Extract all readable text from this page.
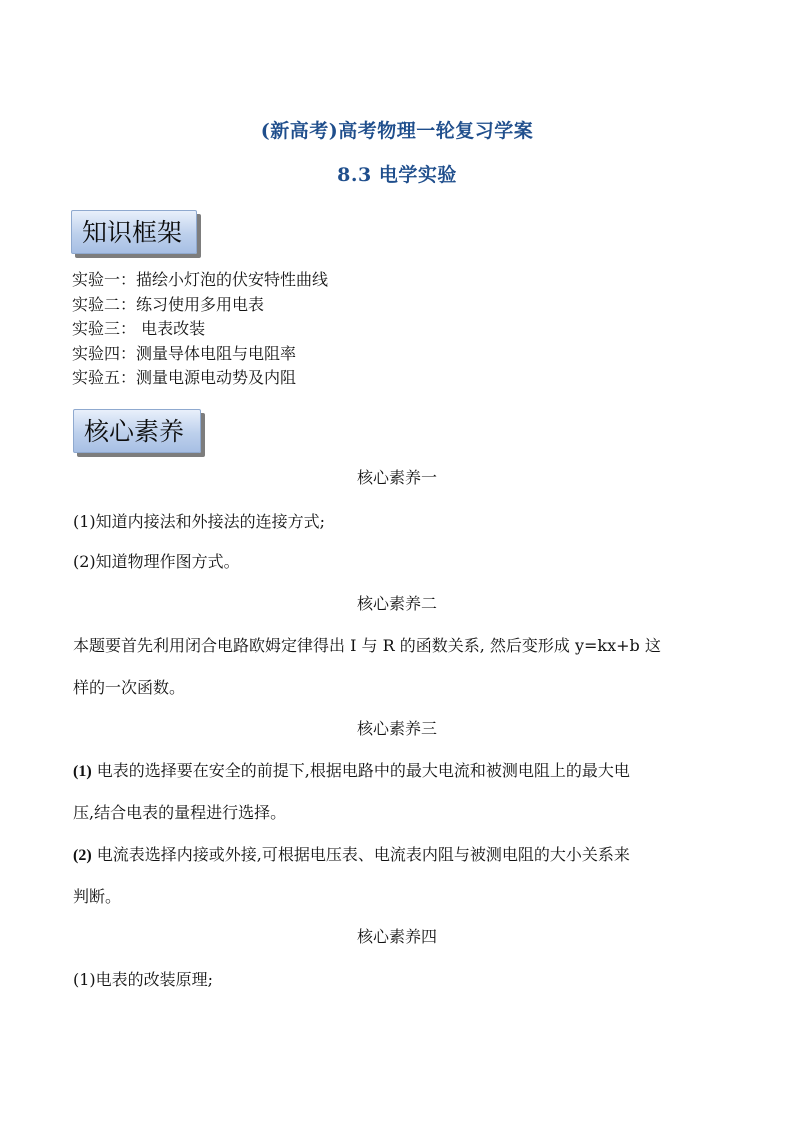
(新高考)高考物理一轮复习学案
8.3 电学实验
知识框架
实验一：描绘小灯泡的伏安特性曲线
实验二：练习使用多用电表
实验三： 电表改装
实验四：测量导体电阻与电阻率
实验五：测量电源电动势及内阻
核心素养
核心素养一
(1)知道内接法和外接法的连接方式;
(2)知道物理作图方式。
核心素养二
本题要首先利用闭合电路欧姆定律得出 I 与 R 的函数关系, 然后变形成 y=kx+b 这
样的一次函数。
核心素养三
(1) 电表的选择要在安全的前提下,根据电路中的最大电流和被测电阻上的最大电
压,结合电表的量程进行选择。
(2) 电流表选择内接或外接,可根据电压表、电流表内阻与被测电阻的大小关系来
判断。
核心素养四
(1)电表的改装原理;
